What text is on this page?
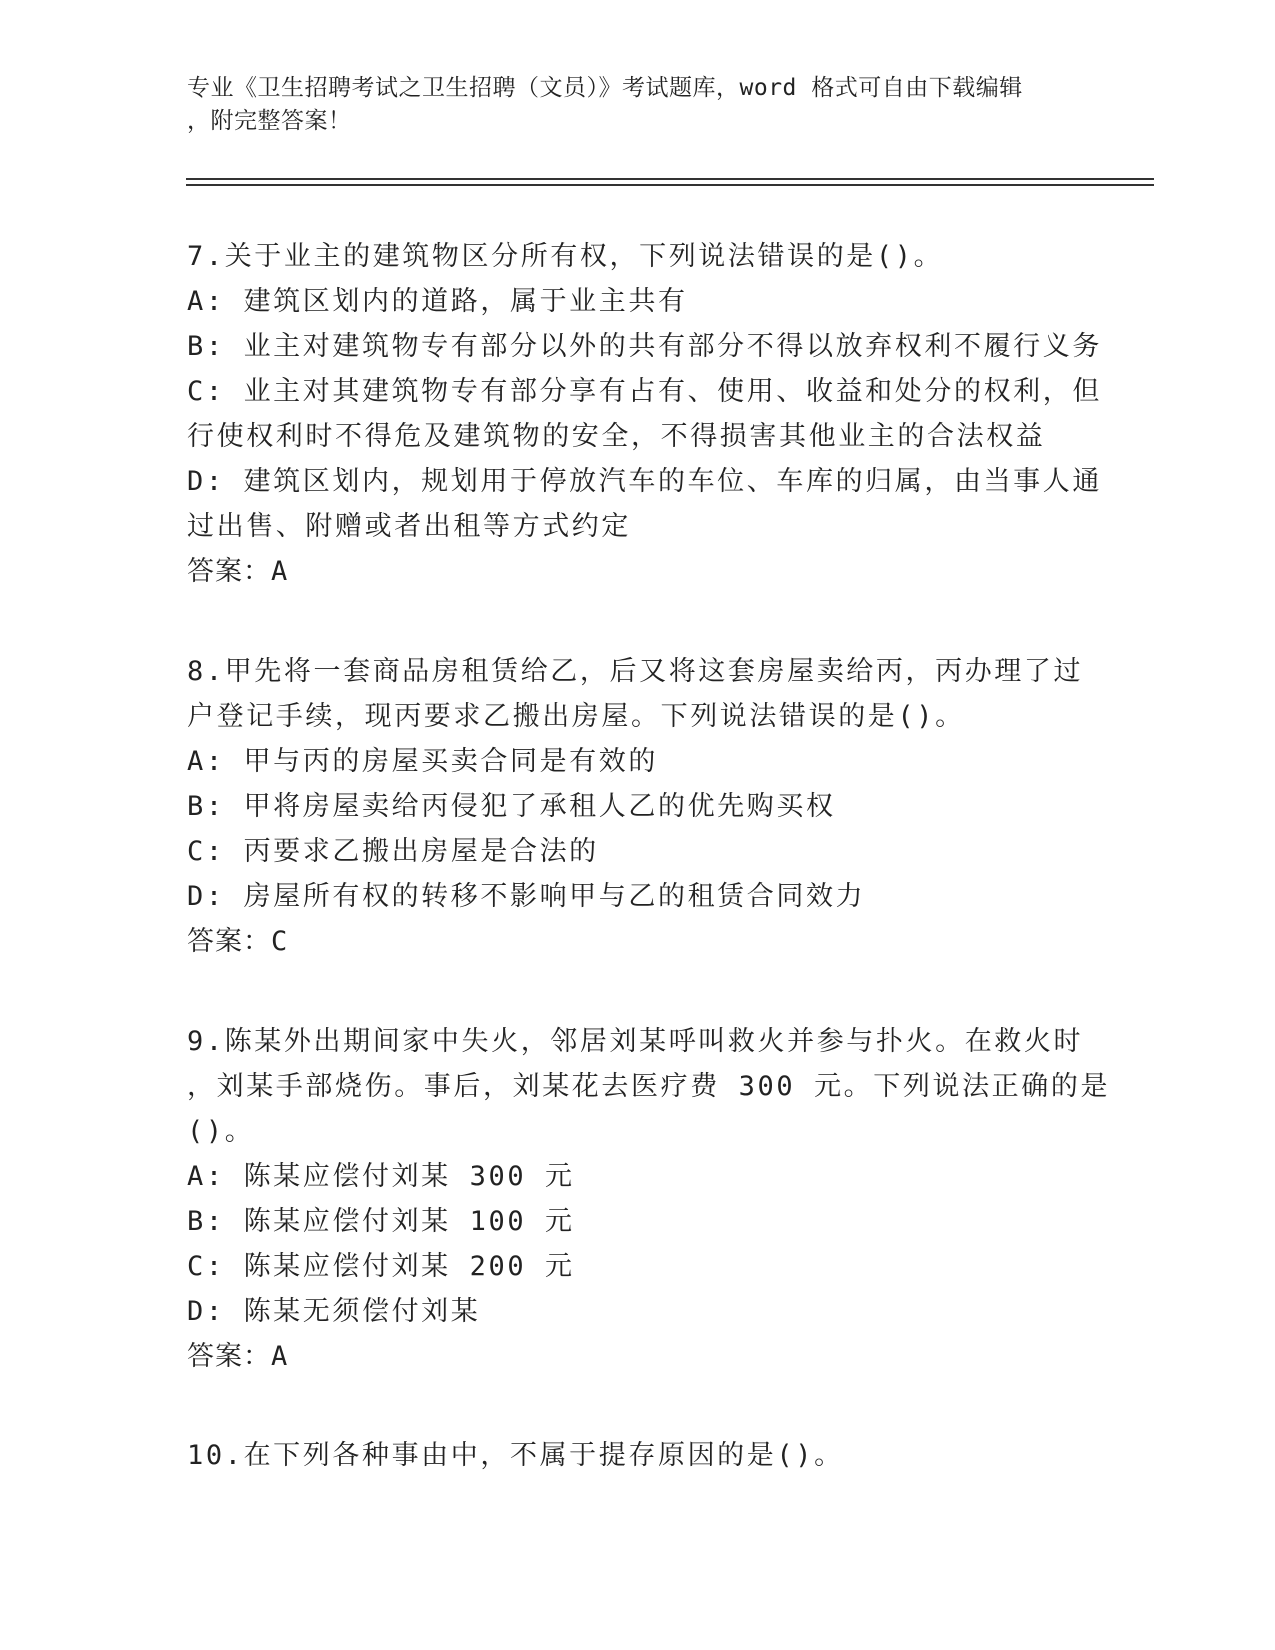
专业《卫生招聘考试之卫生招聘（文员）》考试题库，word 格式可自由下载编辑
，附完整答案！
7.关于业主的建筑物区分所有权，下列说法错误的是()。
A: 建筑区划内的道路，属于业主共有
B: 业主对建筑物专有部分以外的共有部分不得以放弃权利不履行义务
C: 业主对其建筑物专有部分享有占有、使用、收益和处分的权利，但
行使权利时不得危及建筑物的安全，不得损害其他业主的合法权益
D: 建筑区划内，规划用于停放汽车的车位、车库的归属，由当事人通
过出售、附赠或者出租等方式约定
答案：A
8.甲先将一套商品房租赁给乙，后又将这套房屋卖给丙，丙办理了过
户登记手续，现丙要求乙搬出房屋。下列说法错误的是()。
A: 甲与丙的房屋买卖合同是有效的
B: 甲将房屋卖给丙侵犯了承租人乙的优先购买权
C: 丙要求乙搬出房屋是合法的
D: 房屋所有权的转移不影响甲与乙的租赁合同效力
答案：C
9.陈某外出期间家中失火，邻居刘某呼叫救火并参与扑火。在救火时
，刘某手部烧伤。事后，刘某花去医疗费 300 元。下列说法正确的是
()。
A: 陈某应偿付刘某 300 元
B: 陈某应偿付刘某 100 元
C: 陈某应偿付刘某 200 元
D: 陈某无须偿付刘某
答案：A
10.在下列各种事由中，不属于提存原因的是()。
